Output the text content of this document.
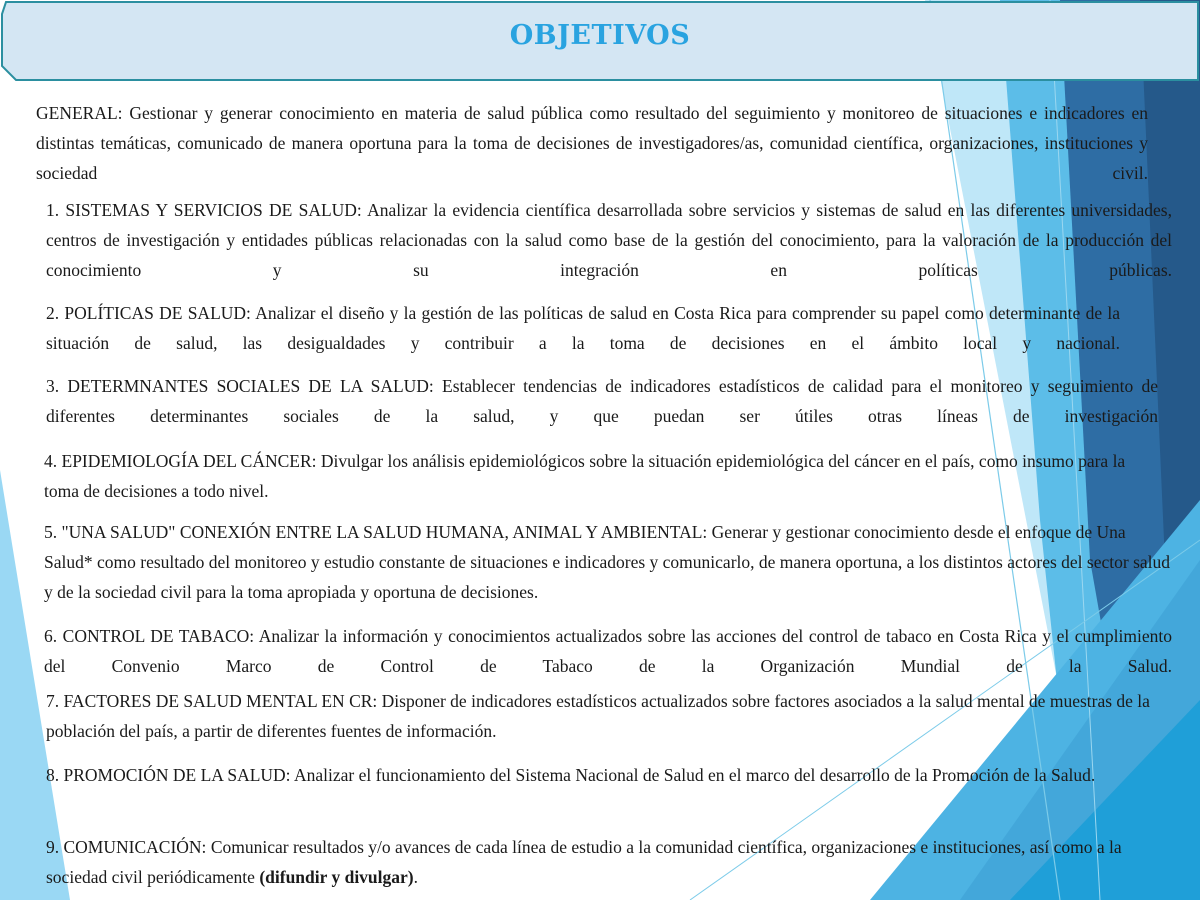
OBJETIVOS

GENERAL: Gestionar y generar conocimiento en materia de salud pública como resultado del seguimiento y monitoreo de situaciones e indicadores en distintas temáticas, comunicado de manera oportuna para la toma de decisiones de investigadores/as, comunidad científica, organizaciones, instituciones y sociedad civil.

1. SISTEMAS Y SERVICIOS DE SALUD: Analizar la evidencia científica desarrollada sobre servicios y sistemas de salud en las diferentes universidades, centros de investigación y entidades públicas relacionadas con la salud como base de la gestión del conocimiento, para la valoración de la producción del conocimiento y su integración en políticas públicas.

2. POLÍTICAS DE SALUD: Analizar el diseño y la gestión de las políticas de salud en Costa Rica para comprender su papel como determinante de la situación de salud, las desigualdades y contribuir a la toma de decisiones en el ámbito local y nacional.

3. DETERMNANTES SOCIALES DE LA SALUD: Establecer tendencias de indicadores estadísticos de calidad para el monitoreo y seguimiento de diferentes determinantes sociales de la salud, y que puedan ser útiles otras líneas de investigación

4. EPIDEMIOLOGÍA DEL CÁNCER: Divulgar los análisis epidemiológicos sobre la situación epidemiológica del cáncer en el país, como insumo para la toma de decisiones a todo nivel.

5. "UNA SALUD" CONEXIÓN ENTRE LA SALUD HUMANA, ANIMAL Y AMBIENTAL: Generar y gestionar conocimiento desde el enfoque de Una Salud* como resultado del monitoreo y estudio constante de situaciones e indicadores y comunicarlo, de manera oportuna, a los distintos actores del sector salud y de la sociedad civil para la toma apropiada y oportuna de decisiones.

6. CONTROL DE TABACO: Analizar la información y conocimientos actualizados sobre las acciones del control de tabaco en Costa Rica y el cumplimiento del Convenio Marco de Control de Tabaco de la Organización Mundial de la Salud.

7. FACTORES DE SALUD MENTAL EN CR: Disponer de indicadores estadísticos actualizados sobre factores asociados a la salud mental de muestras de la población del país, a partir de diferentes fuentes de información.

8. PROMOCIÓN DE LA SALUD: Analizar el funcionamiento del Sistema Nacional de Salud en el marco del desarrollo de la Promoción de la Salud.

9. COMUNICACIÓN: Comunicar resultados y/o avances de cada línea de estudio a la comunidad científica, organizaciones e instituciones, así como a la sociedad civil periódicamente (difundir y divulgar).
